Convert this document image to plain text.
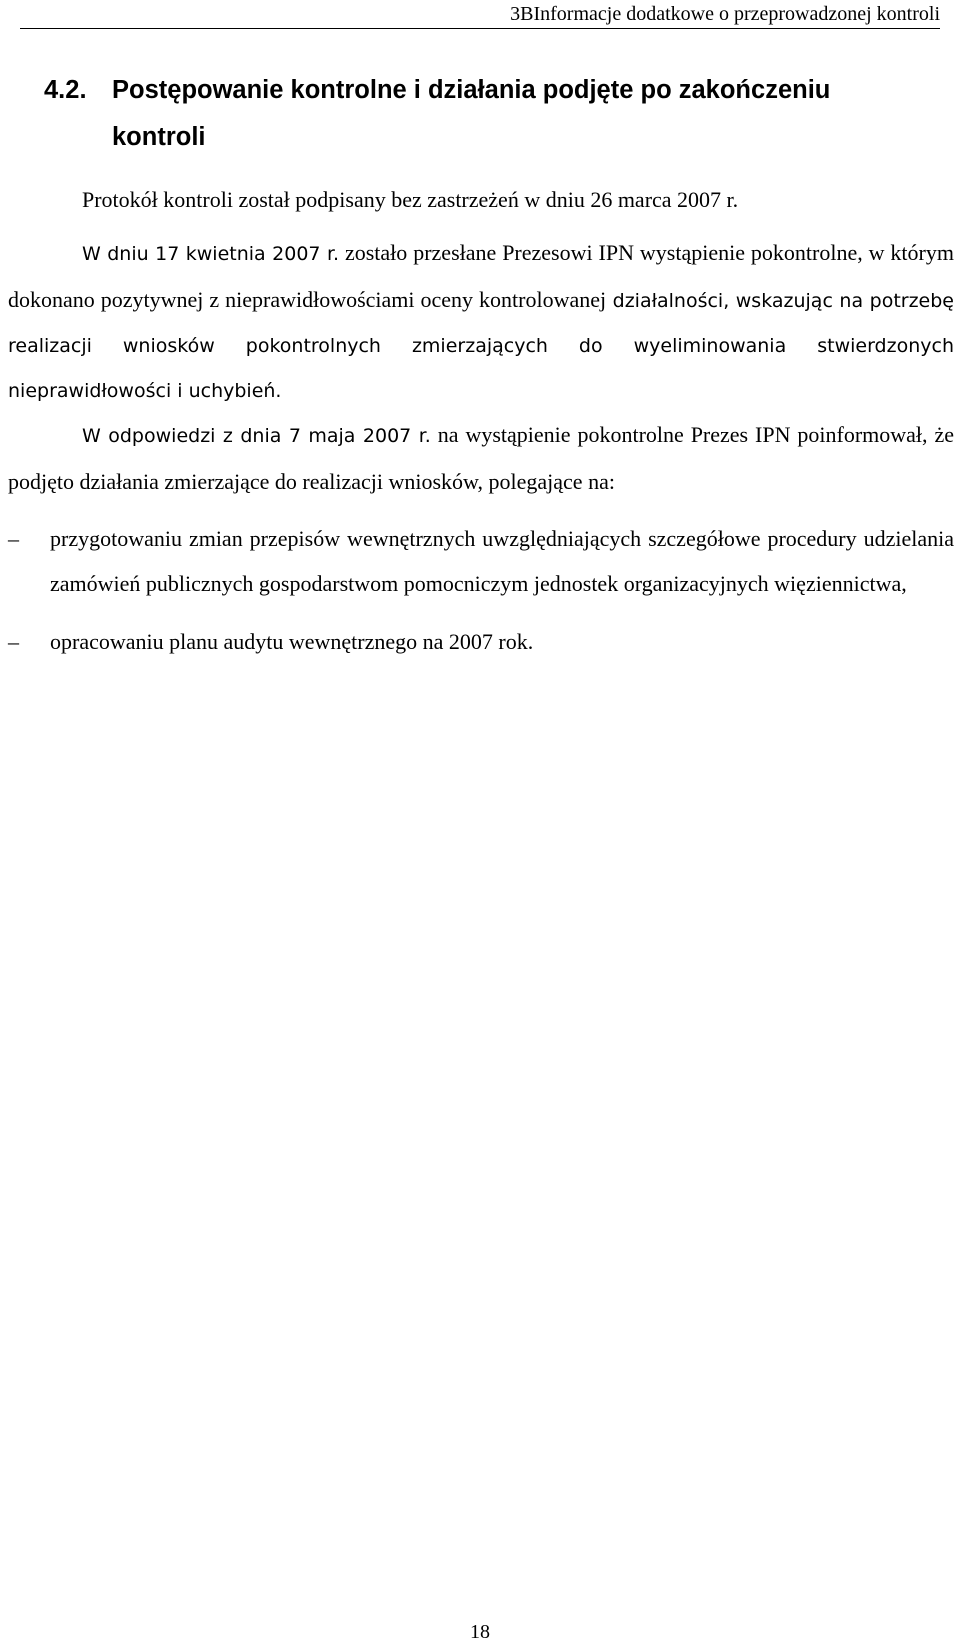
3BInformacje dodatkowe o przeprowadzonej kontroli
4.2. Postępowanie kontrolne i działania podjęte po zakończeniu
kontroli

Protokół kontroli został podpisany bez zastrzeżeń w dniu 26 marca 2007 r.

W dniu 17 kwietnia 2007 r. zostało przesłane Prezesowi IPN wystąpienie pokontrolne, w którym dokonano pozytywnej z nieprawidłowościami oceny kontrolowanej działalności, wskazując na potrzebę realizacji wniosków pokontrolnych zmierzających do wyeliminowania stwierdzonych nieprawidłowości i uchybień.

W odpowiedzi z dnia 7 maja 2007 r. na wystąpienie pokontrolne Prezes IPN poinformował, że podjęto działania zmierzające do realizacji wniosków, polegające na:

–	przygotowaniu zmian przepisów wewnętrznych uwzględniających szczegółowe procedury udzielania zamówień publicznych gospodarstwom pomocniczym jednostek organizacyjnych więziennictwa,
–	opracowaniu planu audytu wewnętrznego na 2007 rok.
18
